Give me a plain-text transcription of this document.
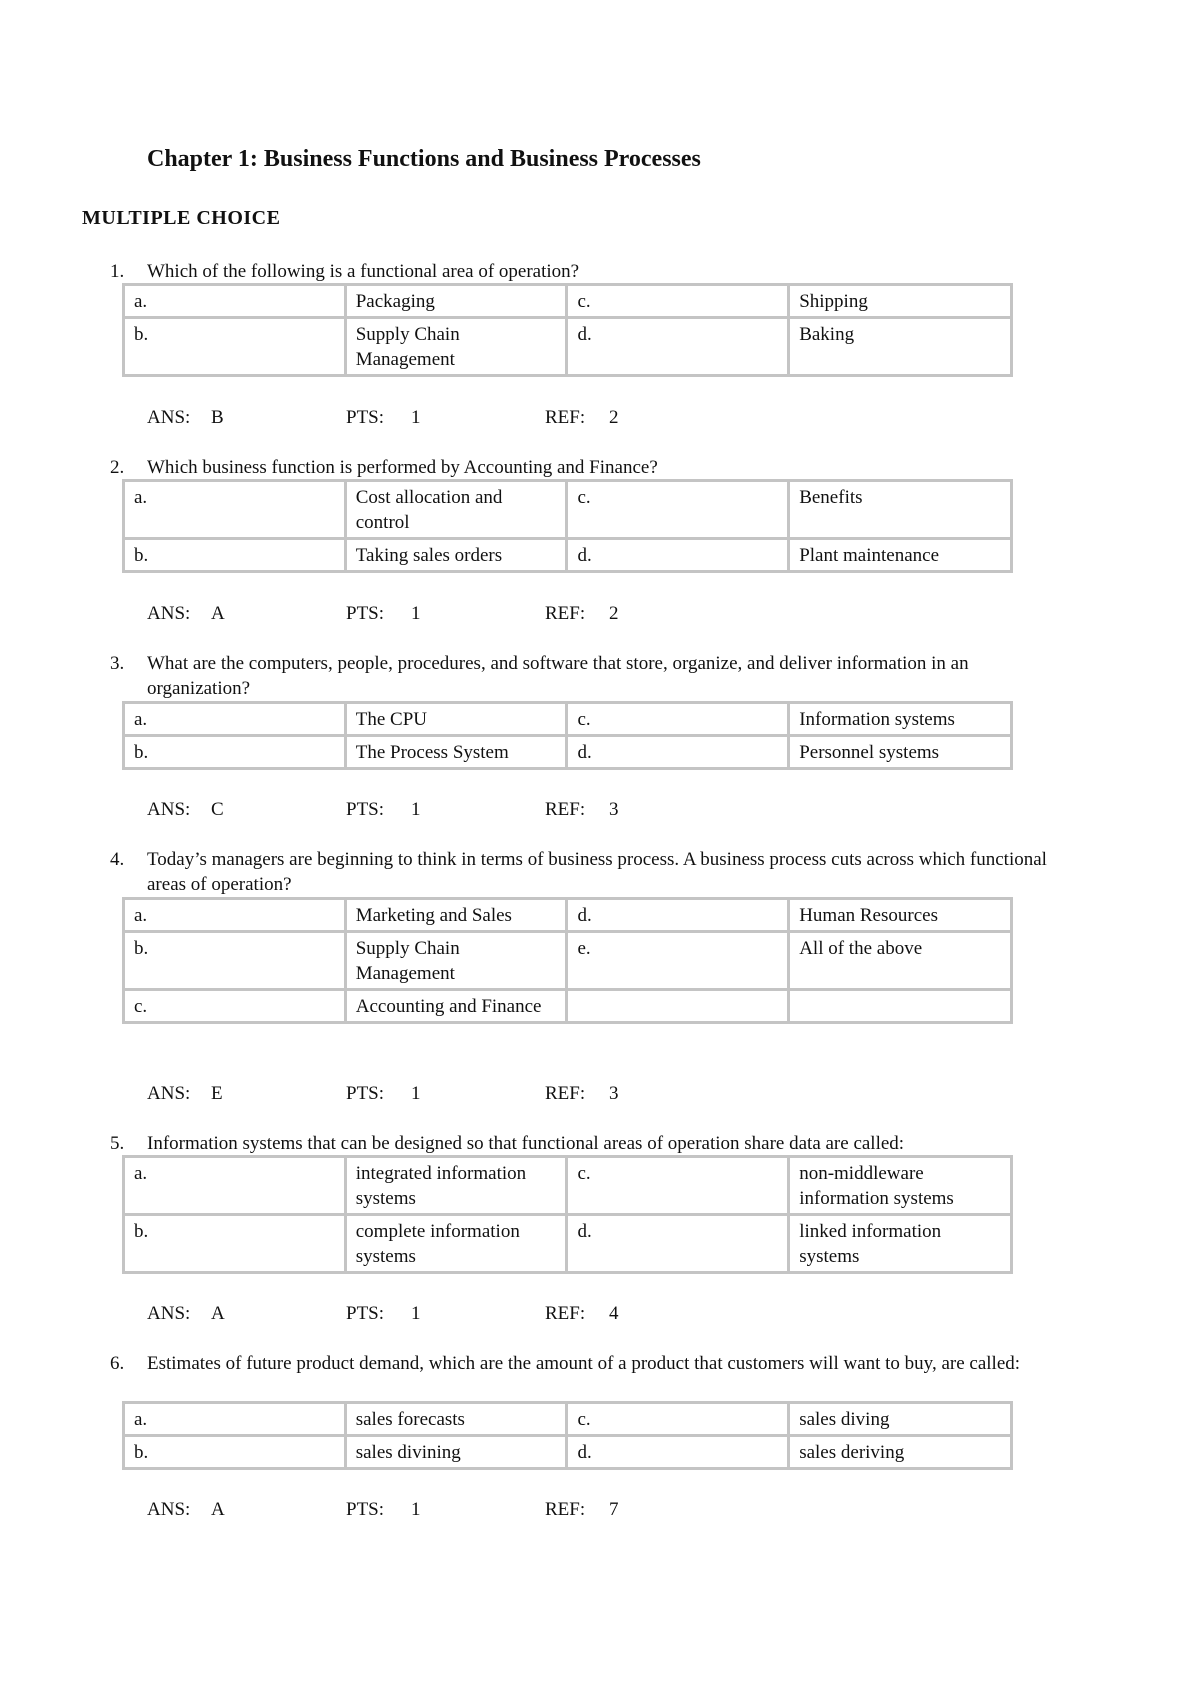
Chapter 1: Business Functions and Business Processes
MULTIPLE CHOICE
1. Which of the following is a functional area of operation?
a.	Packaging	c.	Shipping
b.	Supply Chain Management	d.	Baking
ANS: B	PTS: 1	REF: 2
2. Which business function is performed by Accounting and Finance?
a.	Cost allocation and control	c.	Benefits
b.	Taking sales orders	d.	Plant maintenance
ANS: A	PTS: 1	REF: 2
3. What are the computers, people, procedures, and software that store, organize, and deliver information in an organization?
a.	The CPU	c.	Information systems
b.	The Process System	d.	Personnel systems
ANS: C	PTS: 1	REF: 3
4. Today’s managers are beginning to think in terms of business process. A business process cuts across which functional areas of operation?
a.	Marketing and Sales	d.	Human Resources
b.	Supply Chain Management	e.	All of the above
c.	Accounting and Finance		
ANS: E	PTS: 1	REF: 3
5. Information systems that can be designed so that functional areas of operation share data are called:
a.	integrated information systems	c.	non-middleware information systems
b.	complete information systems	d.	linked information systems
ANS: A	PTS: 1	REF: 4
6. Estimates of future product demand, which are the amount of a product that customers will want to buy, are called:
a.	sales forecasts	c.	sales diving
b.	sales divining	d.	sales deriving
ANS: A	PTS: 1	REF: 7
